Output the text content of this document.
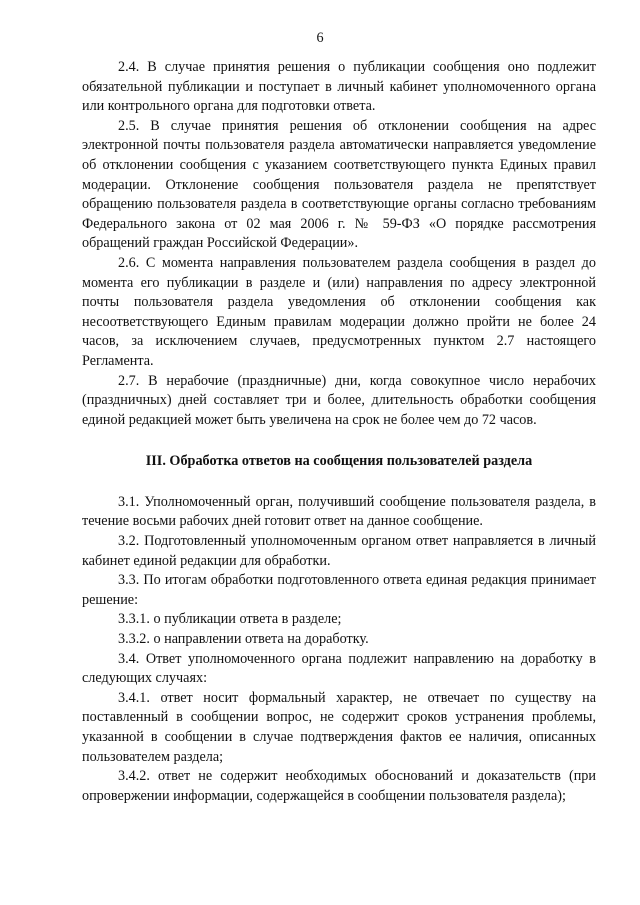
6

2.4. В случае принятия решения о публикации сообщения оно подлежит обязательной публикации и поступает в личный кабинет уполномоченного органа или контрольного органа для подготовки ответа.

2.5. В случае принятия решения об отклонении сообщения на адрес электронной почты пользователя раздела автоматически направляется уведомление об отклонении сообщения с указанием соответствующего пункта Единых правил модерации. Отклонение сообщения пользователя раздела не препятствует обращению пользователя раздела в соответствующие органы согласно требованиям Федерального закона от 02 мая 2006 г. № 59-ФЗ «О порядке рассмотрения обращений граждан Российской Федерации».

2.6. С момента направления пользователем раздела сообщения в раздел до момента его публикации в разделе и (или) направления по адресу электронной почты пользователя раздела уведомления об отклонении сообщения как несоответствующего Единым правилам модерации должно пройти не более 24 часов, за исключением случаев, предусмотренных пунктом 2.7 настоящего Регламента.

2.7. В нерабочие (праздничные) дни, когда совокупное число нерабочих (праздничных) дней составляет три и более, длительность обработки сообщения единой редакцией может быть увеличена на срок не более чем до 72 часов.

III. Обработка ответов на сообщения пользователей раздела

3.1. Уполномоченный орган, получивший сообщение пользователя раздела, в течение восьми рабочих дней готовит ответ на данное сообщение.

3.2. Подготовленный уполномоченным органом ответ направляется в личный кабинет единой редакции для обработки.

3.3. По итогам обработки подготовленного ответа единая редакция принимает решение:

3.3.1. о публикации ответа в разделе;

3.3.2. о направлении ответа на доработку.

3.4. Ответ уполномоченного органа подлежит направлению на доработку в следующих случаях:

3.4.1. ответ носит формальный характер, не отвечает по существу на поставленный в сообщении вопрос, не содержит сроков устранения проблемы, указанной в сообщении в случае подтверждения фактов ее наличия, описанных пользователем раздела;

3.4.2. ответ не содержит необходимых обоснований и доказательств (при опровержении информации, содержащейся в сообщении пользователя раздела);
